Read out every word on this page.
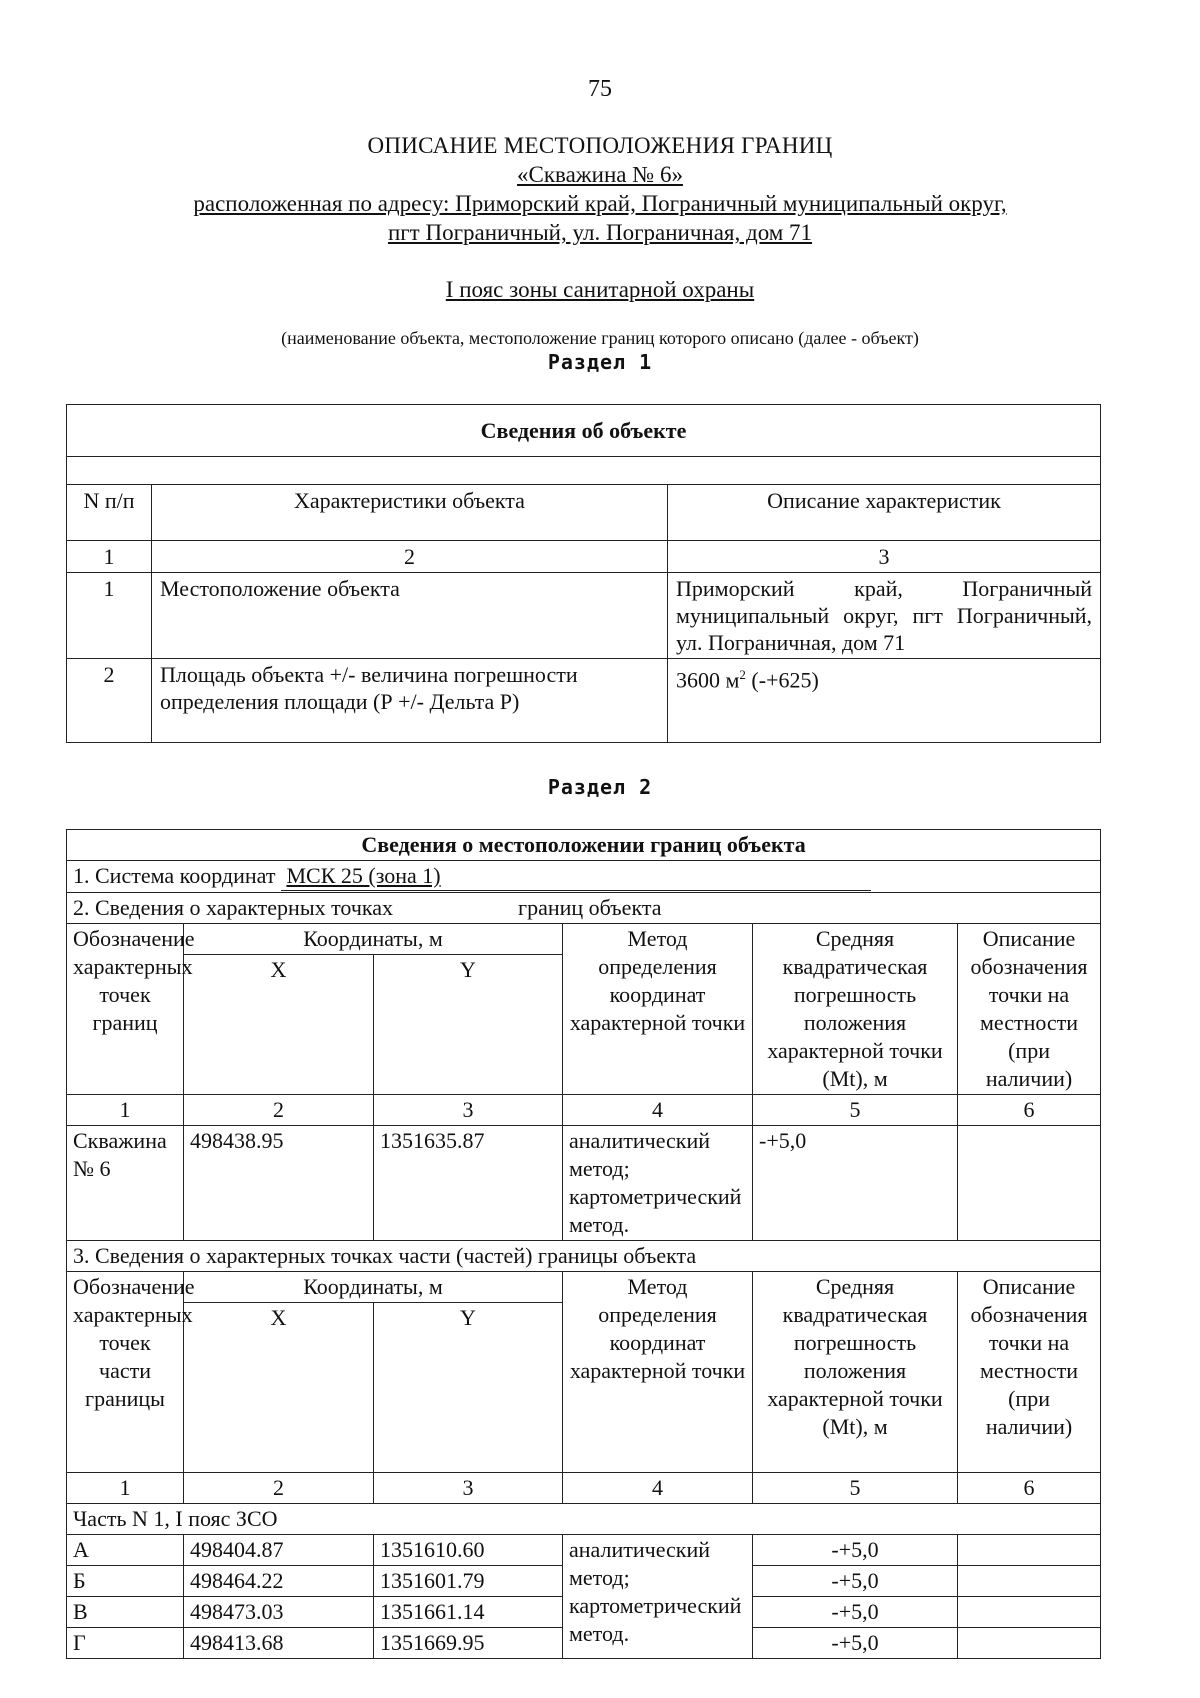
75
ОПИСАНИЕ МЕСТОПОЛОЖЕНИЯ ГРАНИЦ
«Скважина № 6»
расположенная по адресу: Приморский край, Пограничный муниципальный округ,
пгт Пограничный, ул. Пограничная, дом 71
I пояс зоны санитарной охраны
(наименование объекта, местоположение границ которого описано (далее - объект)
Раздел 1
Сведения об объекте		

N п/п	Характеристики объекта	Описание характеристик
1	2	3
1	Местоположение объекта	Приморский край, Пограничный муниципальный округ, пгт Пограничный, ул. Пограничная, дом 71
2	Площадь объекта +/- величина погрешности определения площади (Р +/- Дельта Р)	3600 $м^2$ (-+625)
Раздел 2
Сведения о местоположении границ объекта					
1. Система координат МСК 25 (зона 1)					
2. Сведения о характерных точках границ объекта					
Обозначение характерных точек границ	Координаты, м		Метод определения координат характерной точки	Средняя квадратическая погрешность положения характерной точки (Mt), м	Описание обозначения точки на местности (при наличии)
	X	Y			
1	2	3	4	5	6
Скважина № 6	498438.95	1351635.87	аналитический метод; картометрический метод.	-+5,0	
3. Сведения о характерных точках части (частей) границы объекта					
Обозначение характерных точек части границы	Координаты, м		Метод определения координат характерной точки	Средняя квадратическая погрешность положения характерной точки (Mt), м	Описание обозначения точки на местности (при наличии)
	X	Y			
1	2	3	4	5	6
Часть N 1, I пояс ЗСО					
А	498404.87	1351610.60	аналитический метод; картометрический метод.	-+5,0	
Б	498464.22	1351601.79		-+5,0	
В	498473.03	1351661.14		-+5,0	
Г	498413.68	1351669.95		-+5,0	
